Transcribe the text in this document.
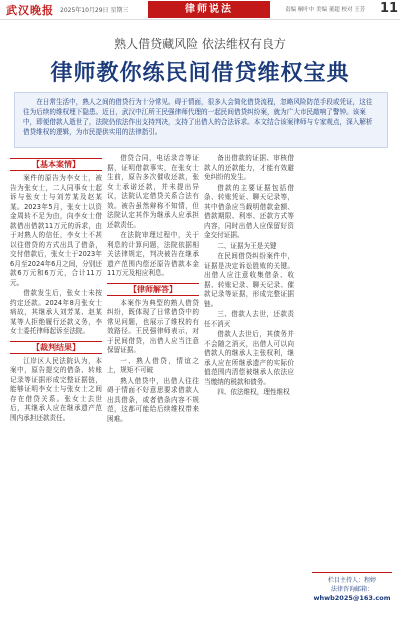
武汉晚报 2025年10月29日 星期三	律师说法	责编 桐叶中 美编 董超 校对 王芳 11
熟人借贷藏风险 依法维权有良方
律师教你练民间借贷维权宝典
在日常生活中，熟人之间的借贷行为十分常见。碍于情面，很多人会简化借贷流程，忽略风险防范手段或凭证，这往往为后续的维权埋下隐患。近日，武汉中江所王民强律师代理的一起民间借贷纠纷案，就为广大市民敲响了警钟。该案中，即便借款人逝世了，法院仍依法作出支持判决，支持了出借人的合法诉求。本文结合该案律师与专家观点，深入解析借贷维权的逻辑，为市民提供实用的法律指引。
【基本案情】

案件的原告为李女士，被告为张女士，二人同事女士起诉与张女士与刘芳某及赵某某。2023年5月，张女士以资金周转不足为由，向李女士借款借出借款11万元的诉求，由于对熟人的信任，李女士不甚以往借贷的方式出具了借条，交付借款后，张女士于2023年6月至2024年6月之间，分别还款6万元和6万元，合计11万元。

借款发生后，张女士未按约定还款。2024年8月张女士病故，其继承人刘芳某、赵某某等人拒绝履行还款义务，李女士委托律师起诉至法院。

【裁判结果】

江岸区人民法院认为，本案中，原告提交的借条、转账记录等证据形成完整证据链，能够证明李女士与张女士之间存在借贷关系。张女士去世后，其继承人应在继承遗产范围内承担还款责任。

借贷合同，电话录音等证据，证明借款事实，在张女士生前，原告多次催收还款，张女士承诺还款，并未提出异议，法院认定借贷关系合法有效。被告虽然辩称不知情，但法院认定其作为继承人应承担还款责任。

在法院审理过程中，关于利息的计算问题，法院依据相关法律规定，判决被告在继承遗产范围内偿还原告借款本金11万元及相应利息。

【律师解答】

本案作为典型的熟人借贷纠纷，既体现了日常借贷中的常见问题，也展示了维权的有效路径。王民强律师表示，对于民间借贷，出借人应当注意保留证据。

一、熟人借贷，情谊之上，规矩不可破

熟人借贷中，出借人往往碍于情面不好意思要求借款人出具借条，或者借条内容不规范，这都可能给后续维权带来困难。

备出借款的证据、审核借款人的还款能力，才能有效避免纠纷的发生。

借款的主要证据包括借条、转账凭证、聊天记录等，其中借条应当载明借款金额、借款期限、利率、还款方式等内容，同时出借人应保留好资金交付证据。

二、证据为王是关键

在民间借贷纠纷案件中，证据是决定诉讼胜败的关键。出借人应注意收集借条、收据、转账记录、聊天记录、催款记录等证据，形成完整证据链。

三、借款人去世，还款责任不消灭

借款人去世后，其债务并不会随之消灭，出借人可以向借款人的继承人主张权利，继承人应在所继承遗产的实际价值范围内清偿被继承人依法应当缴纳的税款和债务。

四、依法维权，理性维权

栏目主持人：程婷
法律咨询邮箱：
whwb2025@163.com
